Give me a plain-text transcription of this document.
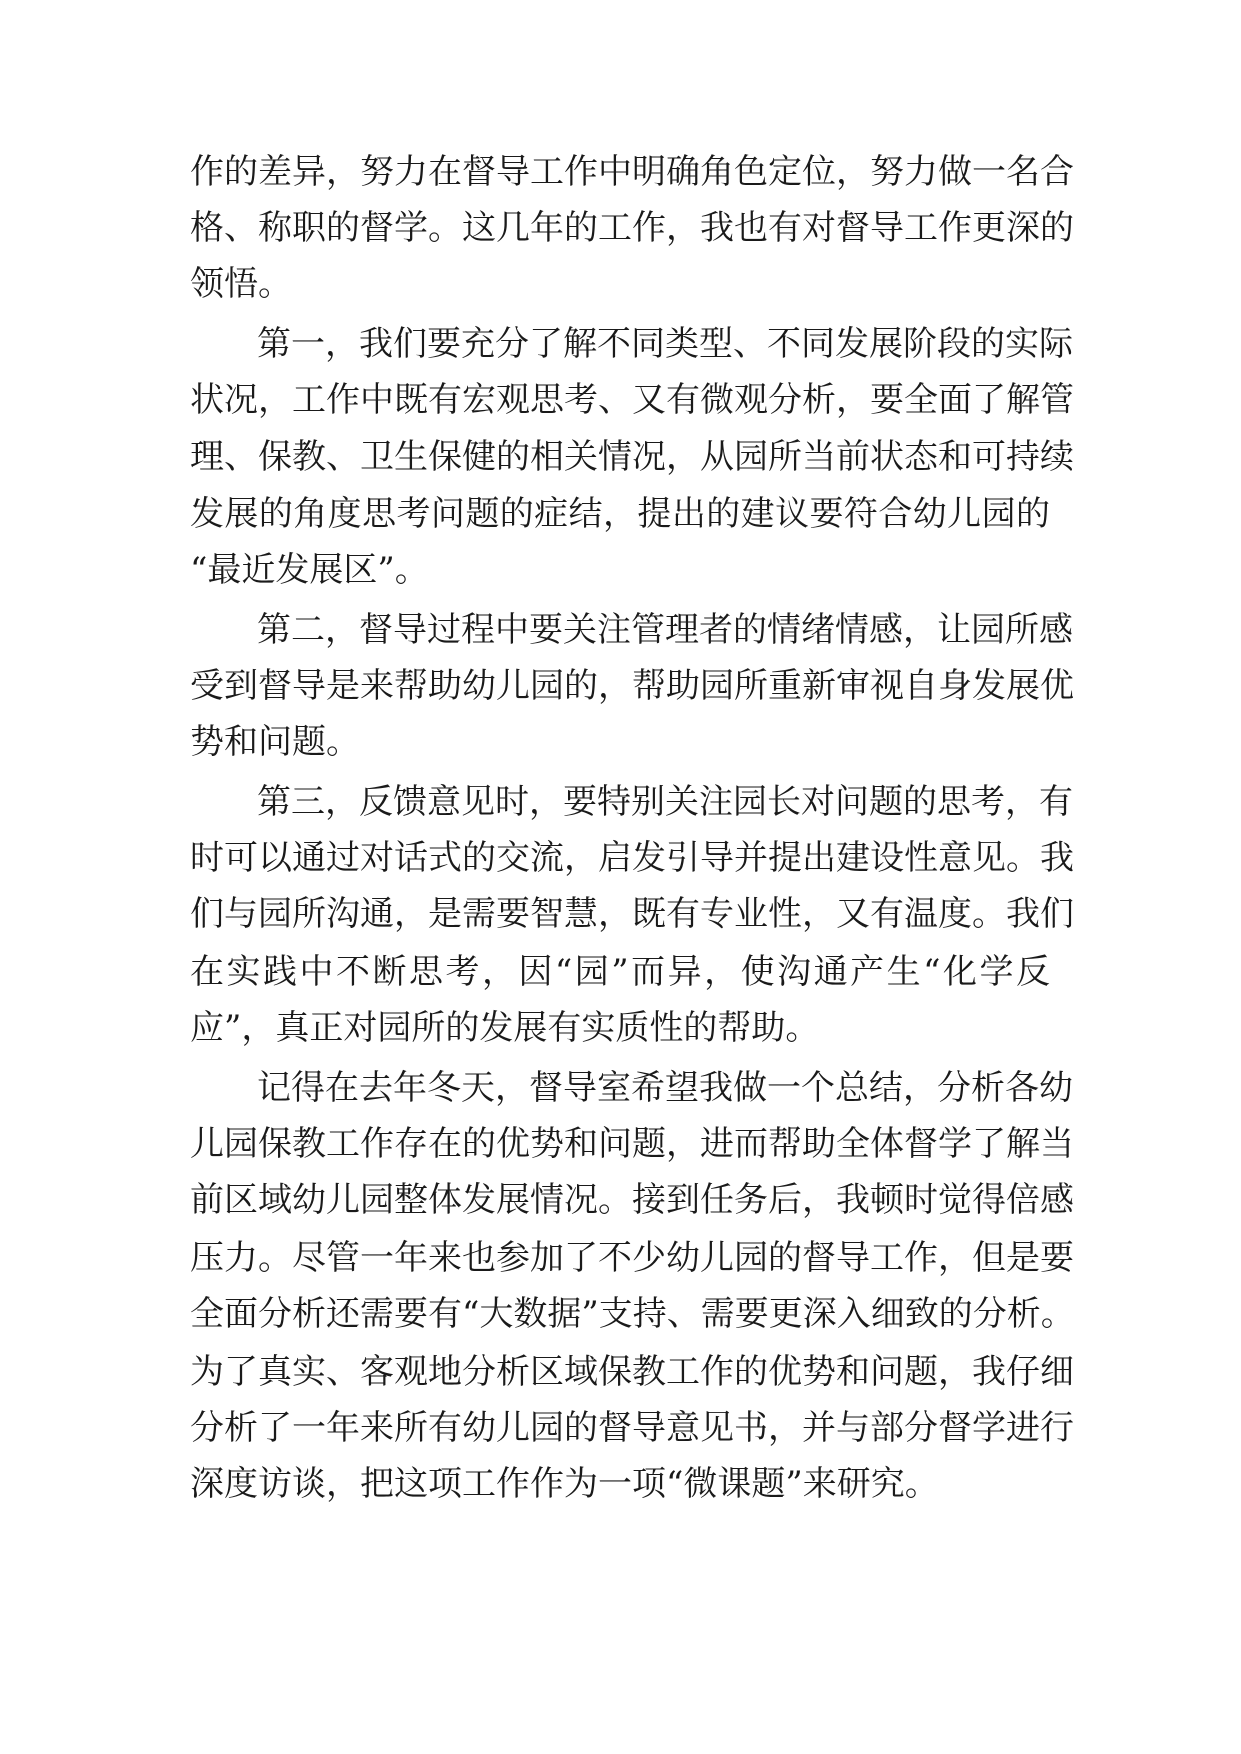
作的差异，努力在督导工作中明确角色定位，努力做一名合
格、称职的督学。这几年的工作，我也有对督导工作更深的
领悟。
第一，我们要充分了解不同类型、不同发展阶段的实际
状况，工作中既有宏观思考、又有微观分析，要全面了解管
理、保教、卫生保健的相关情况，从园所当前状态和可持续
发展的角度思考问题的症结，提出的建议要符合幼儿园的
“最近发展区”。
第二，督导过程中要关注管理者的情绪情感，让园所感
受到督导是来帮助幼儿园的，帮助园所重新审视自身发展优
势和问题。
第三，反馈意见时，要特别关注园长对问题的思考，有
时可以通过对话式的交流，启发引导并提出建设性意见。我
们与园所沟通，是需要智慧，既有专业性，又有温度。我们
在实践中不断思考，因“园”而异，使沟通产生“化学反
应”，真正对园所的发展有实质性的帮助。
记得在去年冬天，督导室希望我做一个总结，分析各幼
儿园保教工作存在的优势和问题，进而帮助全体督学了解当
前区域幼儿园整体发展情况。接到任务后，我顿时觉得倍感
压力。尽管一年来也参加了不少幼儿园的督导工作，但是要
全面分析还需要有“大数据”支持、需要更深入细致的分析。
为了真实、客观地分析区域保教工作的优势和问题，我仔细
分析了一年来所有幼儿园的督导意见书，并与部分督学进行
深度访谈，把这项工作作为一项“微课题”来研究。
